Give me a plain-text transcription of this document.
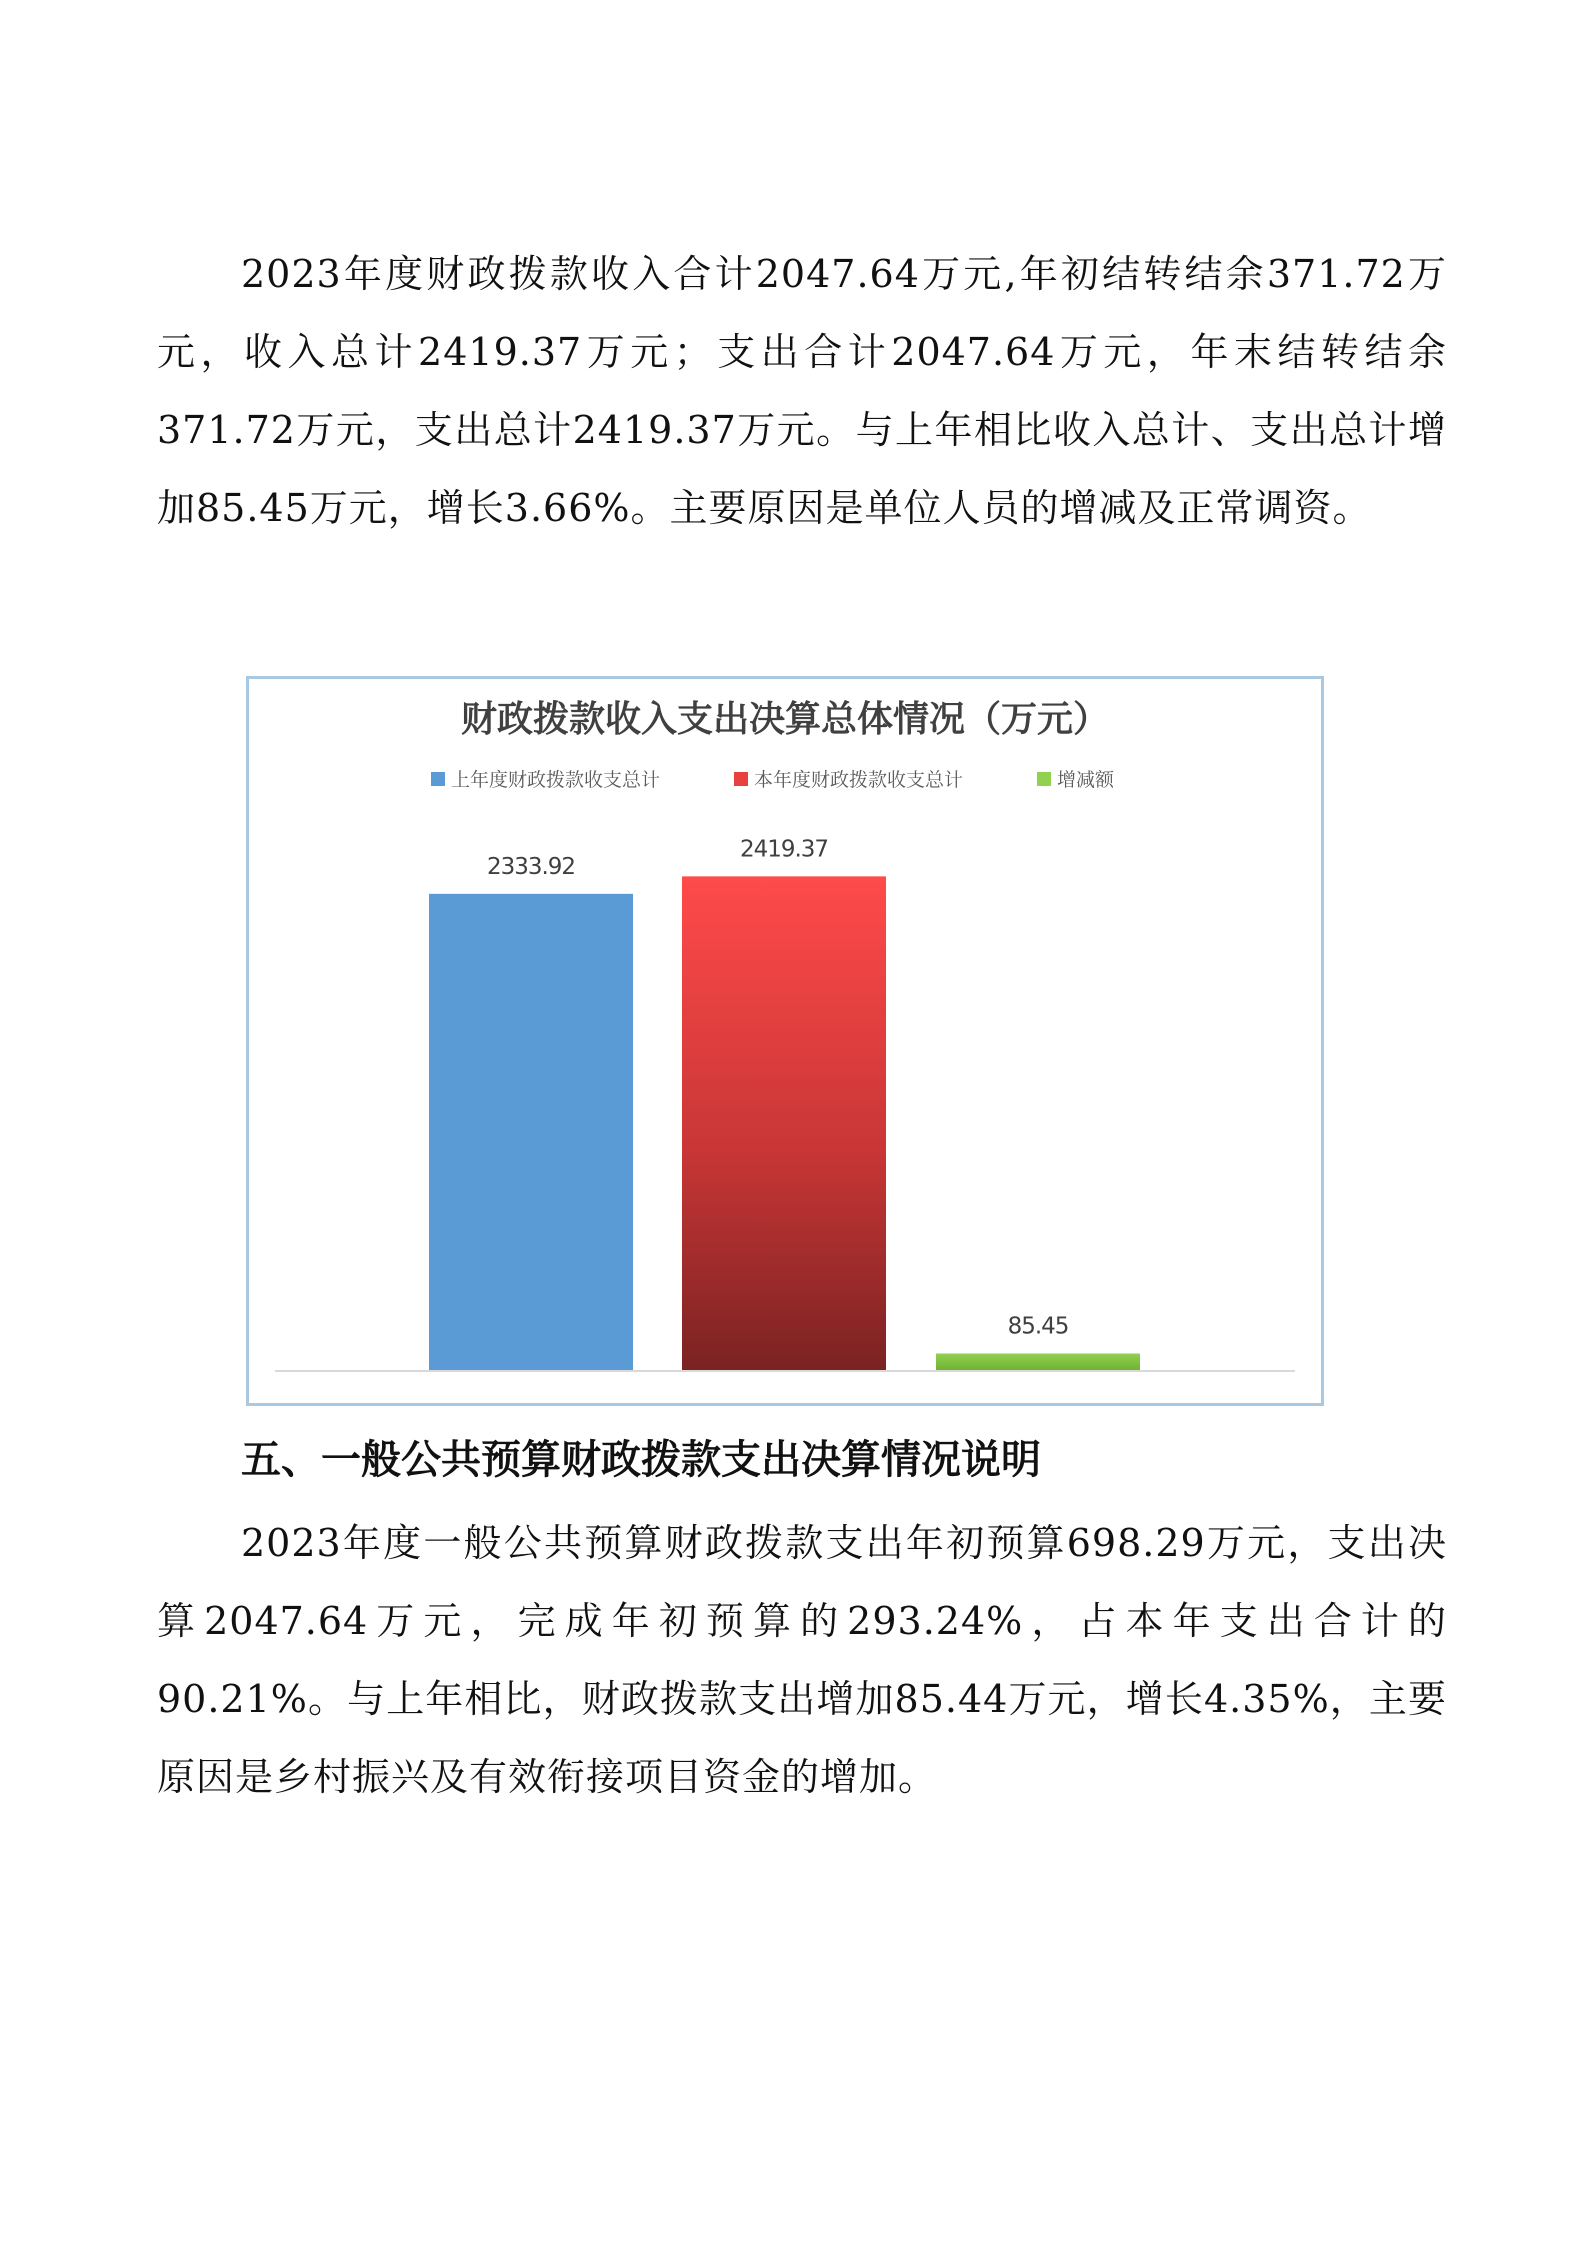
2023年度财政拨款收入合计2047.64万元,年初结转结余371.72万元，收入总计2419.37万元；支出合计2047.64万元，年末结转结余371.72万元，支出总计2419.37万元。与上年相比收入总计、支出总计增加85.45万元，增长3.66%。主要原因是单位人员的增减及正常调资。

财政拨款收入支出决算总体情况（万元）
上年度财政拨款收支总计	本年度财政拨款收支总计	增减额
2333.92
2419.37
85.45
五、一般公共预算财政拨款支出决算情况说明

2023年度一般公共预算财政拨款支出年初预算698.29万元，支出决算2047.64万元，完成年初预算的293.24%，占本年支出合计的90.21%。与上年相比，财政拨款支出增加85.44万元，增长4.35%，主要原因是乡村振兴及有效衔接项目资金的增加。
